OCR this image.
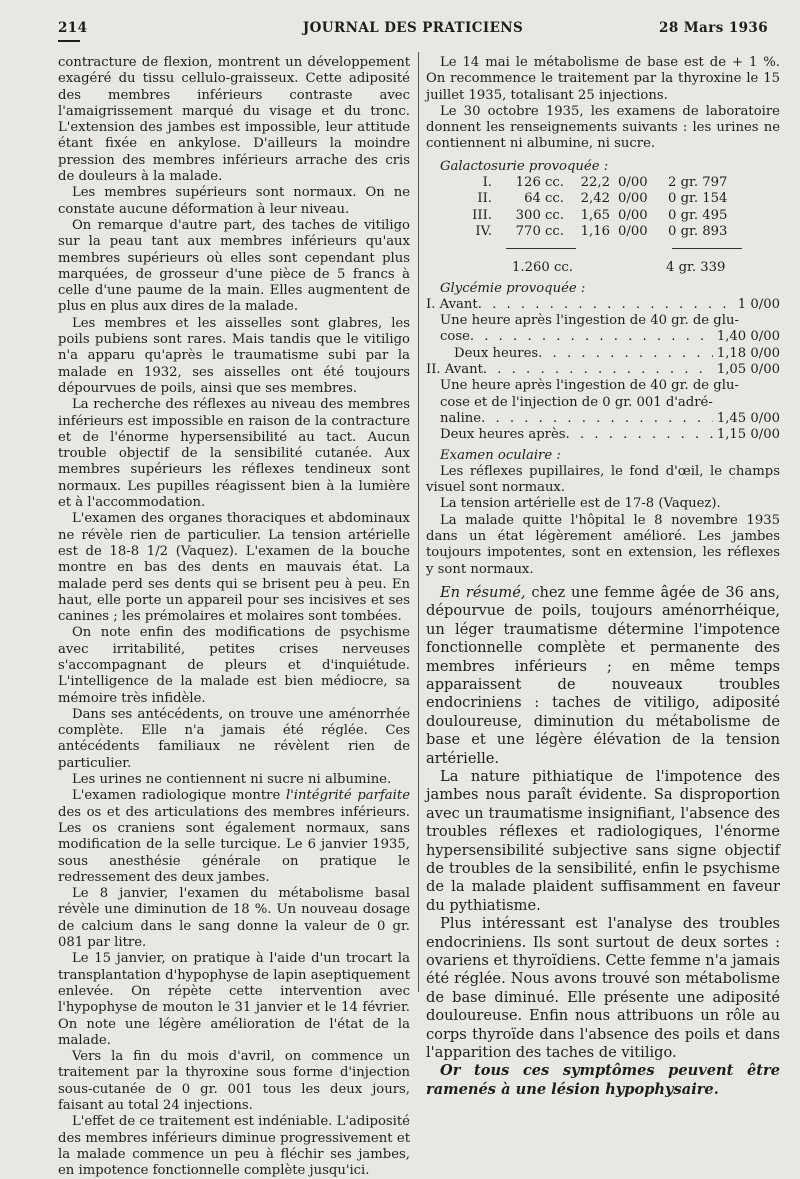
214	JOURNAL DES PRATICIENS	28 Mars 1936

contracture de flexion, montrent un développement exagéré du tissu cellulo-graisseux. Cette adiposité des membres inférieurs contraste avec l'amaigrissement marqué du visage et du tronc. L'extension des jambes est impossible, leur attitude étant fixée en ankylose. D'ailleurs la moindre pression des membres inférieurs arrache des cris de douleurs à la malade.

Les membres supérieurs sont normaux. On ne constate aucune déformation à leur niveau.

On remarque d'autre part, des taches de vitiligo sur la peau tant aux membres inférieurs qu'aux membres supérieurs où elles sont cependant plus marquées, de grosseur d'une pièce de 5 francs à celle d'une paume de la main. Elles augmentent de plus en plus aux dires de la malade.

Les membres et les aisselles sont glabres, les poils pubiens sont rares. Mais tandis que le vitiligo n'a apparu qu'après le traumatisme subi par la malade en 1932, ses aisselles ont été toujours dépourvues de poils, ainsi que ses membres.

La recherche des réflexes au niveau des membres inférieurs est impossible en raison de la contracture et de l'énorme hypersensibilité au tact. Aucun trouble objectif de la sensibilité cutanée. Aux membres supérieurs les réflexes tendineux sont normaux. Les pupilles réagissent bien à la lumière et à l'accommodation.

L'examen des organes thoraciques et abdominaux ne révèle rien de particulier. La tension artérielle est de 18-8 1/2 (Vaquez). L'examen de la bouche montre en bas des dents en mauvais état. La malade perd ses dents qui se brisent peu à peu. En haut, elle porte un appareil pour ses incisives et ses canines ; les prémolaires et molaires sont tombées.

On note enfin des modifications de psychisme avec irritabilité, petites crises nerveuses s'accompagnant de pleurs et d'inquiétude. L'intelligence de la malade est bien médiocre, sa mémoire très infidèle.

Dans ses antécédents, on trouve une aménorrhée complète. Elle n'a jamais été réglée. Ces antécédents familiaux ne révèlent rien de particulier.

Les urines ne contiennent ni sucre ni albumine.

L'examen radiologique montre l'intégrité parfaite des os et des articulations des membres inférieurs. Les os craniens sont également normaux, sans modification de la selle turcique. Le 6 janvier 1935, sous anesthésie générale on pratique le redressement des deux jambes.

Le 8 janvier, l'examen du métabolisme basal révèle une diminution de 18 %. Un nouveau dosage de calcium dans le sang donne la valeur de 0 gr. 081 par litre.

Le 15 janvier, on pratique à l'aide d'un trocart la transplantation d'hypophyse de lapin aseptiquement enlevée. On répète cette intervention avec l'hypophyse de mouton le 31 janvier et le 14 février. On note une légère amélioration de l'état de la malade.

Vers la fin du mois d'avril, on commence un traitement par la thyroxine sous forme d'injection sous-cutanée de 0 gr. 001 tous les deux jours, faisant au total 24 injections.

L'effet de ce traitement est indéniable. L'adiposité des membres inférieurs diminue progressivement et la malade commence un peu à fléchir ses jambes, en impotence fonctionnelle complète jusqu'ici.

Le 14 mai le métabolisme de base est de + 1 %. On recommence le traitement par la thyroxine le 15 juillet 1935, totalisant 25 injections.

Le 30 octobre 1935, les examens de laboratoire donnent les renseignements suivants : les urines ne contiennent ni albumine, ni sucre.

Galactosurie provoquée :
I.	126 cc.	22,2	0/00	2 gr. 797
II.	64 cc.	2,42	0/00	0 gr. 154
III.	300 cc.	1,65	0/00	0 gr. 495
IV.	770 cc.	1,16	0/00	0 gr. 893
1.260 cc.	4 gr. 339
Glycémie provoquée :
I. Avant . . .	1 0/00
Une heure après l'ingestion de 40 gr. de glu-
cose . . .	1,40 0/00
Deux heures . . .	1,18 0/00
II. Avant . . .	1,05 0/00
Une heure après l'ingestion de 40 gr. de glu-
cose et de l'injection de 0 gr. 001 d'adré-
naline . . .	1,45 0/00
Deux heures après . . .	1,15 0/00
Examen oculaire :

Les réflexes pupillaires, le fond d'œil, le champs visuel sont normaux.

La tension artérielle est de 17-8 (Vaquez).

La malade quitte l'hôpital le 8 novembre 1935 dans un état légèrement amélioré. Les jambes toujours impotentes, sont en extension, les réflexes y sont normaux.

En résumé, chez une femme âgée de 36 ans, dépourvue de poils, toujours aménorrhéique, un léger traumatisme détermine l'impotence fonctionnelle complète et permanente des membres inférieurs ; en même temps apparaissent de nouveaux troubles endocriniens : taches de vitiligo, adiposité douloureuse, diminution du métabolisme de base et une légère élévation de la tension artérielle.

La nature pithiatique de l'impotence des jambes nous paraît évidente. Sa disproportion avec un traumatisme insignifiant, l'absence des troubles réflexes et radiologiques, l'énorme hypersensibilité subjective sans signe objectif de troubles de la sensibilité, enfin le psychisme de la malade plaident suffisamment en faveur du pythiatisme.

Plus intéressant est l'analyse des troubles endocriniens. Ils sont surtout de deux sortes : ovariens et thyroïdiens. Cette femme n'a jamais été réglée. Nous avons trouvé son métabolisme de base diminué. Elle présente une adiposité douloureuse. Enfin nous attribuons un rôle au corps thyroïde dans l'absence des poils et dans l'apparition des taches de vitiligo.

Or tous ces symptômes peuvent être ramenés à une lésion hypophysaire.
